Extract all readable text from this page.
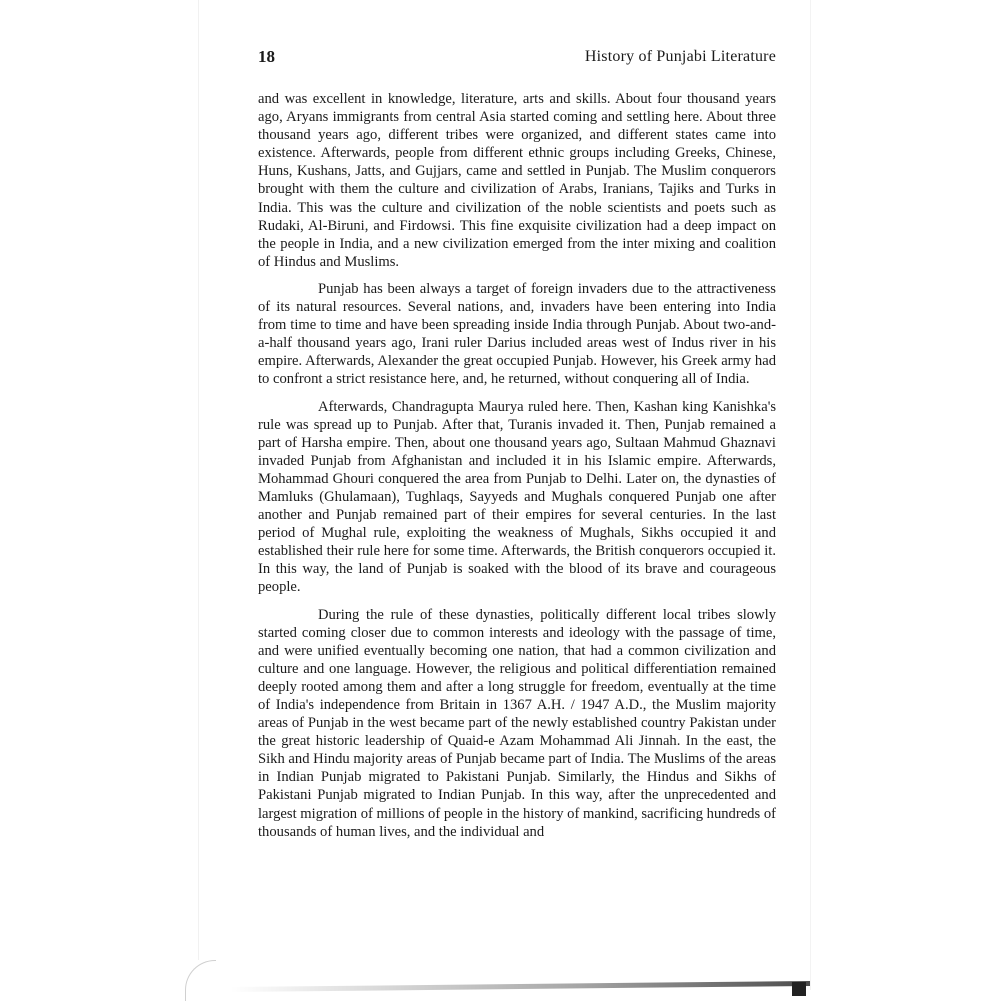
18	History of Punjabi Literature

and was excellent in knowledge, literature, arts and skills. About four thousand years ago, Aryans immigrants from central Asia started coming and settling here. About three thousand years ago, different tribes were organized, and different states came into existence. Afterwards, people from different ethnic groups including Greeks, Chinese, Huns, Kushans, Jatts, and Gujjars, came and settled in Punjab. The Muslim conquerors brought with them the culture and civilization of Arabs, Iranians, Tajiks and Turks in India. This was the culture and civilization of the noble scientists and poets such as Rudaki, Al-Biruni, and Firdowsi. This fine exquisite civilization had a deep impact on the people in India, and a new civilization emerged from the inter mixing and coalition of Hindus and Muslims.

Punjab has been always a target of foreign invaders due to the attractiveness of its natural resources. Several nations, and, invaders have been entering into India from time to time and have been spreading inside India through Punjab. About two-and-a-half thousand years ago, Irani ruler Darius included areas west of Indus river in his empire. Afterwards, Alexander the great occupied Punjab. However, his Greek army had to confront a strict resistance here, and, he returned, without conquering all of India.

Afterwards, Chandragupta Maurya ruled here. Then, Kashan king Kanishka's rule was spread up to Punjab. After that, Turanis invaded it. Then, Punjab remained a part of Harsha empire. Then, about one thousand years ago, Sultaan Mahmud Ghaznavi invaded Punjab from Afghanistan and included it in his Islamic empire. Afterwards, Mohammad Ghouri conquered the area from Punjab to Delhi. Later on, the dynasties of Mamluks (Ghulamaan), Tughlaqs, Sayyeds and Mughals conquered Punjab one after another and Punjab remained part of their empires for several centuries. In the last period of Mughal rule, exploiting the weakness of Mughals, Sikhs occupied it and established their rule here for some time. Afterwards, the British conquerors occupied it. In this way, the land of Punjab is soaked with the blood of its brave and courageous people.

During the rule of these dynasties, politically different local tribes slowly started coming closer due to common interests and ideology with the passage of time, and were unified eventually becoming one nation, that had a common civilization and culture and one language. However, the religious and political differentiation remained deeply rooted among them and after a long struggle for freedom, eventually at the time of India's independence from Britain in 1367 A.H. / 1947 A.D., the Muslim majority areas of Punjab in the west became part of the newly established country Pakistan under the great historic leadership of Quaid-e Azam Mohammad Ali Jinnah. In the east, the Sikh and Hindu majority areas of Punjab became part of India. The Muslims of the areas in Indian Punjab migrated to Pakistani Punjab. Similarly, the Hindus and Sikhs of Pakistani Punjab migrated to Indian Punjab. In this way, after the unprecedented and largest migration of millions of people in the history of mankind, sacrificing hundreds of thousands of human lives, and the individual and
